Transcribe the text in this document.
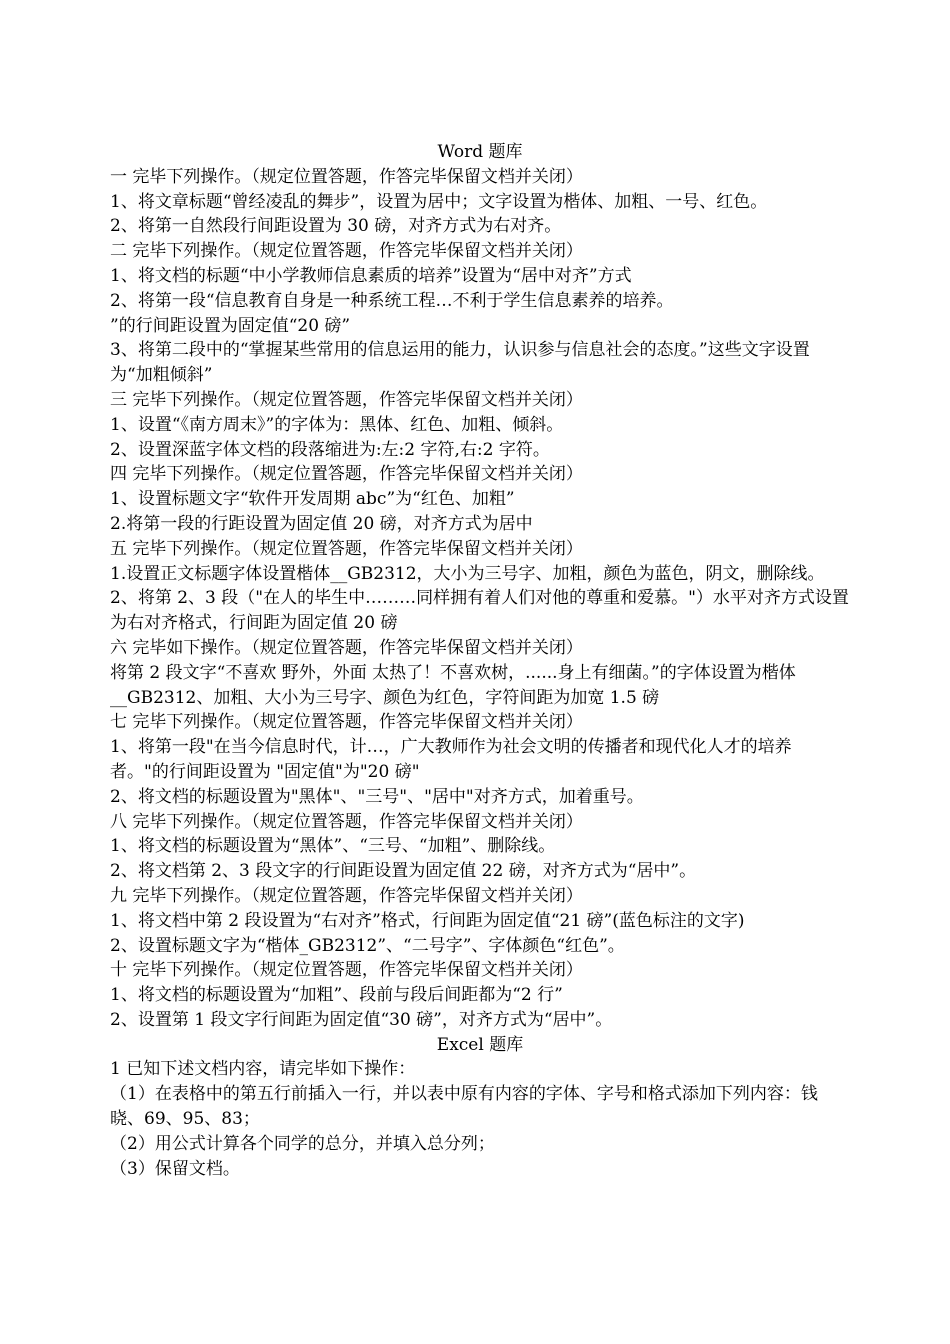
Word 题库
一 完毕下列操作。（规定位置答题，作答完毕保留文档并关闭）
1、将文章标题“曾经凌乱的舞步”，设置为居中；文字设置为楷体、加粗、一号、红色。
2、将第一自然段行间距设置为 30 磅，对齐方式为右对齐。
二 完毕下列操作。（规定位置答题，作答完毕保留文档并关闭）
1、将文档的标题“中小学教师信息素质的培养”设置为“居中对齐”方式
2、将第一段“信息教育自身是一种系统工程…不利于学生信息素养的培养。
”的行间距设置为固定值“20 磅”
3、将第二段中的“掌握某些常用的信息运用的能力，认识参与信息社会的态度。”这些文字设置为“加粗倾斜”
三 完毕下列操作。（规定位置答题，作答完毕保留文档并关闭）
1、设置“《南方周末》”的字体为：黑体、红色、加粗、倾斜。
2、设置深蓝字体文档的段落缩进为:左:2 字符,右:2 字符。
四 完毕下列操作。（规定位置答题，作答完毕保留文档并关闭）
1、设置标题文字“软件开发周期 abc”为“红色、加粗”
2.将第一段的行距设置为固定值 20 磅，对齐方式为居中
五 完毕下列操作。（规定位置答题，作答完毕保留文档并关闭）
1.设置正文标题字体设置楷体__GB2312，大小为三号字、加粗，颜色为蓝色，阴文，删除线。
2、将第 2、3 段（"在人的毕生中………同样拥有着人们对他的尊重和爱慕。"）水平对齐方式设置为右对齐格式，行间距为固定值 20 磅
六 完毕如下操作。（规定位置答题，作答完毕保留文档并关闭）
将第 2 段文字“不喜欢 野外，外面 太热了！不喜欢树，......身上有细菌。”的字体设置为楷体__GB2312、加粗、大小为三号字、颜色为红色，字符间距为加宽 1.5 磅
七 完毕下列操作。（规定位置答题，作答完毕保留文档并关闭）
1、将第一段"在当今信息时代，计…，广大教师作为社会文明的传播者和现代化人才的培养者。"的行间距设置为 "固定值"为"20 磅"
2、将文档的标题设置为"黑体"、"三号"、"居中"对齐方式，加着重号。
八 完毕下列操作。（规定位置答题，作答完毕保留文档并关闭）
1、将文档的标题设置为“黑体”、“三号、“加粗”、删除线。
2、将文档第 2、3 段文字的行间距设置为固定值 22 磅，对齐方式为“居中”。
九 完毕下列操作。（规定位置答题，作答完毕保留文档并关闭）
1、将文档中第 2 段设置为“右对齐”格式，行间距为固定值“21 磅”(蓝色标注的文字)
2、设置标题文字为“楷体_GB2312”、“二号字”、字体颜色“红色”。
十 完毕下列操作。（规定位置答题，作答完毕保留文档并关闭）
1、将文档的标题设置为“加粗”、段前与段后间距都为“2 行”
2、设置第 1 段文字行间距为固定值“30 磅”，对齐方式为“居中”。
Excel 题库
1 已知下述文档内容，请完毕如下操作：
（1）在表格中的第五行前插入一行，并以表中原有内容的字体、字号和格式添加下列内容：钱晓、69、95、83；
（2）用公式计算各个同学的总分，并填入总分列；
（3）保留文档。
